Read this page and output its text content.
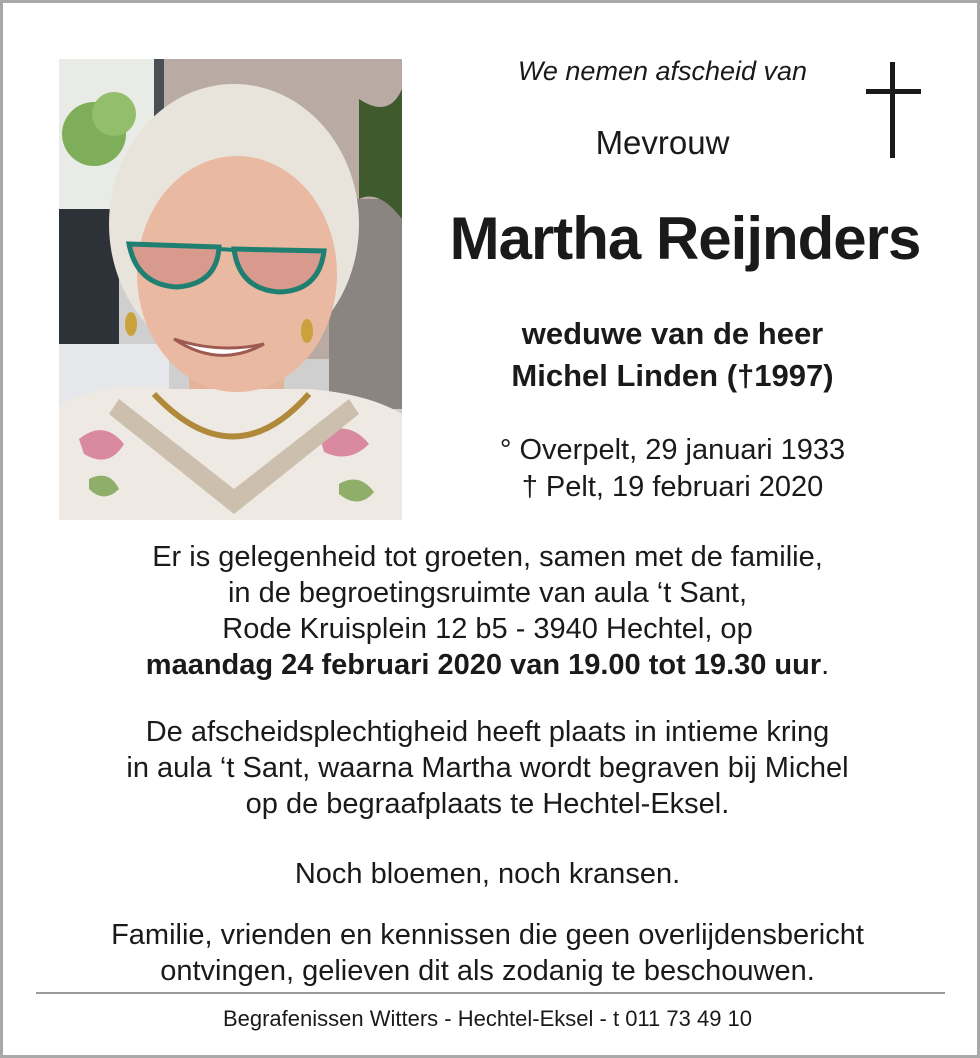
We nemen afscheid van
Mevrouw
Martha Reijnders
weduwe van de heer
Michel Linden (†1997)
° Overpelt, 29 januari 1933
† Pelt, 19 februari 2020
Er is gelegenheid tot groeten, samen met de familie,
in de begroetingsruimte van aula ‘t Sant,
Rode Kruisplein 12 b5 - 3940 Hechtel, op
maandag 24 februari 2020 van 19.00 tot 19.30 uur.
De afscheidsplechtigheid heeft plaats in intieme kring
in aula ‘t Sant, waarna Martha wordt begraven bij Michel
op de begraafplaats te Hechtel-Eksel.
Noch bloemen, noch kransen.
Familie, vrienden en kennissen die geen overlijdensbericht
ontvingen, gelieven dit als zodanig te beschouwen.
Begrafenissen Witters - Hechtel-Eksel - t 011 73 49 10
